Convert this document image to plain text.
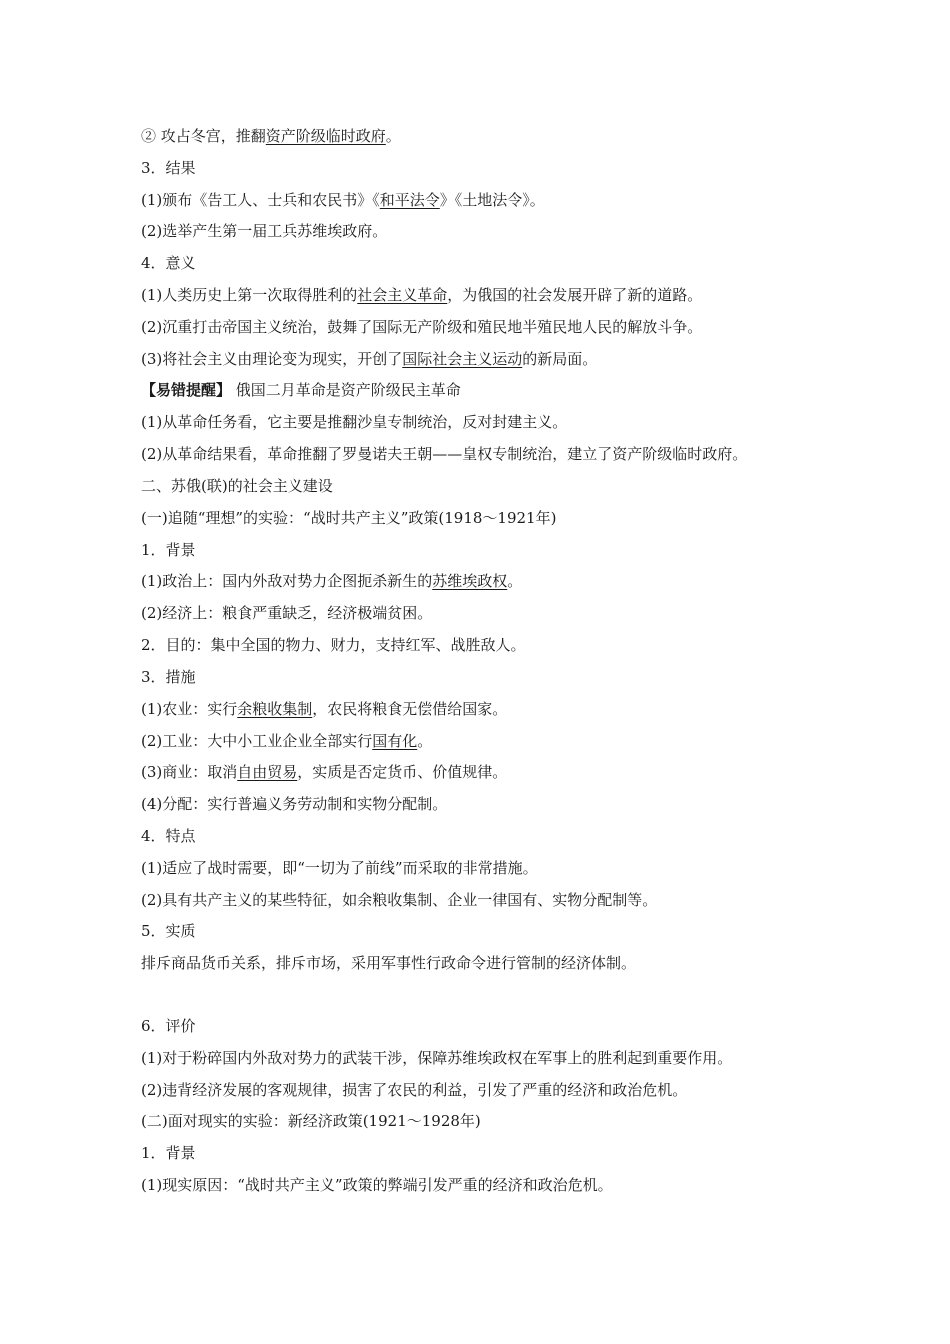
② 攻占冬宫，推翻资产阶级临时政府。
3．结果
(1)颁布《告工人、士兵和农民书》《和平法令》《土地法令》。
(2)选举产生第一届工兵苏维埃政府。
4．意义
(1)人类历史上第一次取得胜利的社会主义革命，为俄国的社会发展开辟了新的道路。
(2)沉重打击帝国主义统治，鼓舞了国际无产阶级和殖民地半殖民地人民的解放斗争。
(3)将社会主义由理论变为现实，开创了国际社会主义运动的新局面。
【易错提醒】 俄国二月革命是资产阶级民主革命
(1)从革命任务看，它主要是推翻沙皇专制统治，反对封建主义。
(2)从革命结果看，革命推翻了罗曼诺夫王朝——皇权专制统治，建立了资产阶级临时政府。
二、苏俄(联)的社会主义建设
(一)追随“理想”的实验：“战时共产主义”政策(1918～1921年)
1．背景
(1)政治上：国内外敌对势力企图扼杀新生的苏维埃政权。
(2)经济上：粮食严重缺乏，经济极端贫困。
2．目的：集中全国的物力、财力，支持红军、战胜敌人。
3．措施
(1)农业：实行余粮收集制，农民将粮食无偿借给国家。
(2)工业：大中小工业企业全部实行国有化。
(3)商业：取消自由贸易，实质是否定货币、价值规律。
(4)分配：实行普遍义务劳动制和实物分配制。
4．特点
(1)适应了战时需要，即“一切为了前线”而采取的非常措施。
(2)具有共产主义的某些特征，如余粮收集制、企业一律国有、实物分配制等。
5．实质
排斥商品货币关系，排斥市场，采用军事性行政命令进行管制的经济体制。
6．评价
(1)对于粉碎国内外敌对势力的武装干涉，保障苏维埃政权在军事上的胜利起到重要作用。
(2)违背经济发展的客观规律，损害了农民的利益，引发了严重的经济和政治危机。
(二)面对现实的实验：新经济政策(1921～1928年)
1．背景
(1)现实原因：“战时共产主义”政策的弊端引发严重的经济和政治危机。
